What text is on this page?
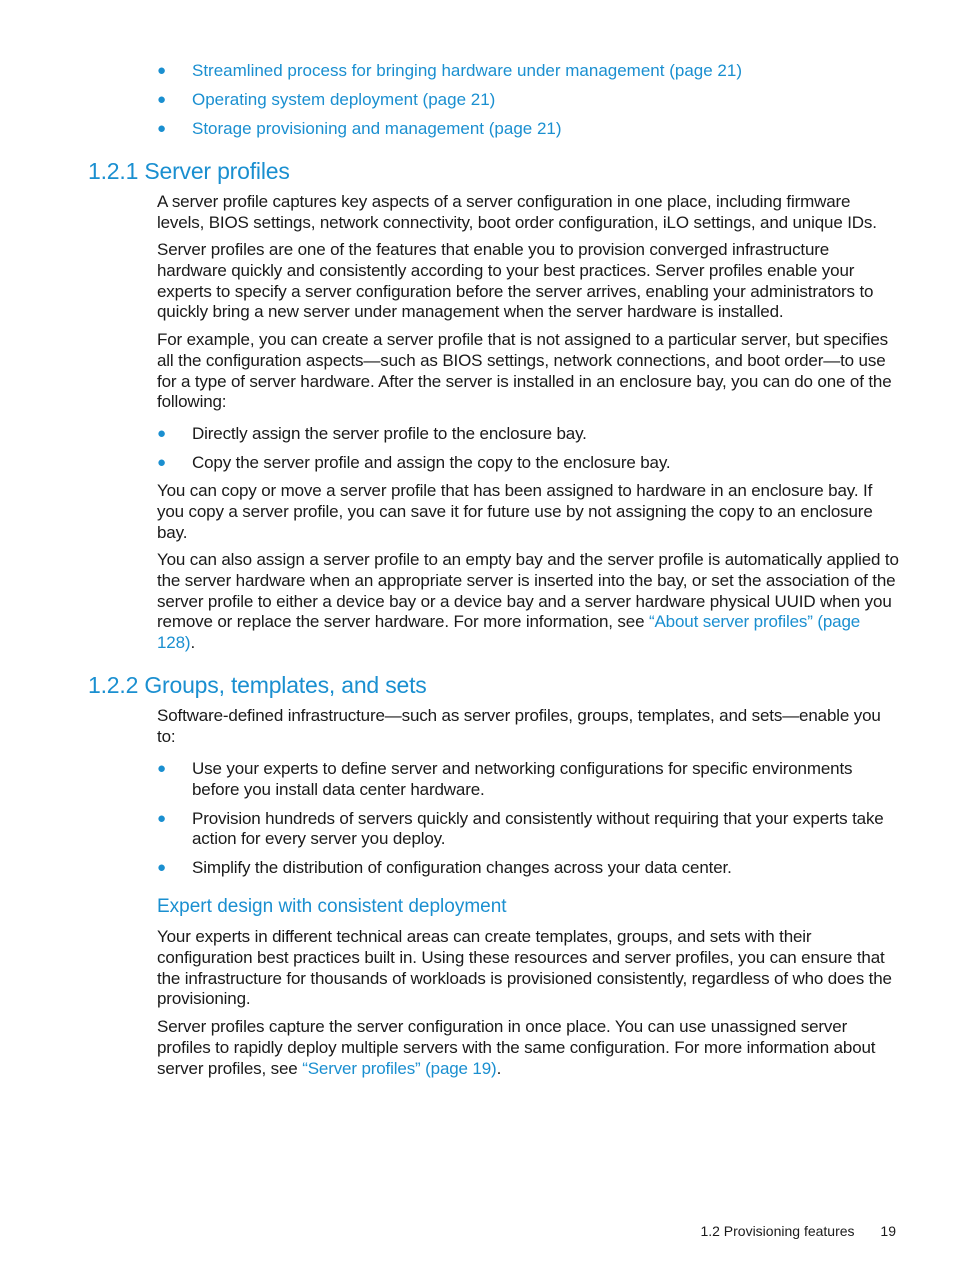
● Streamlined process for bringing hardware under management (page 21)
● Operating system deployment (page 21)
● Storage provisioning and management (page 21)
1.2.1 Server profiles

A server profile captures key aspects of a server configuration in one place, including firmware levels, BIOS settings, network connectivity, boot order configuration, iLO settings, and unique IDs.

Server profiles are one of the features that enable you to provision converged infrastructure hardware quickly and consistently according to your best practices. Server profiles enable your experts to specify a server configuration before the server arrives, enabling your administrators to quickly bring a new server under management when the server hardware is installed.

For example, you can create a server profile that is not assigned to a particular server, but specifies all the configuration aspects—such as BIOS settings, network connections, and boot order—to use for a type of server hardware. After the server is installed in an enclosure bay, you can do one of the following:

● Directly assign the server profile to the enclosure bay.
● Copy the server profile and assign the copy to the enclosure bay.

You can copy or move a server profile that has been assigned to hardware in an enclosure bay. If you copy a server profile, you can save it for future use by not assigning the copy to an enclosure bay.

You can also assign a server profile to an empty bay and the server profile is automatically applied to the server hardware when an appropriate server is inserted into the bay, or set the association of the server profile to either a device bay or a device bay and a server hardware physical UUID when you remove or replace the server hardware. For more information, see “About server profiles” (page 128).

1.2.2 Groups, templates, and sets

Software-defined infrastructure—such as server profiles, groups, templates, and sets—enable you to:

● Use your experts to define server and networking configurations for specific environments before you install data center hardware.
● Provision hundreds of servers quickly and consistently without requiring that your experts take action for every server you deploy.
● Simplify the distribution of configuration changes across your data center.
Expert design with consistent deployment

Your experts in different technical areas can create templates, groups, and sets with their configuration best practices built in. Using these resources and server profiles, you can ensure that the infrastructure for thousands of workloads is provisioned consistently, regardless of who does the provisioning.

Server profiles capture the server configuration in once place. You can use unassigned server profiles to rapidly deploy multiple servers with the same configuration. For more information about server profiles, see “Server profiles” (page 19).

1.2 Provisioning features 19
